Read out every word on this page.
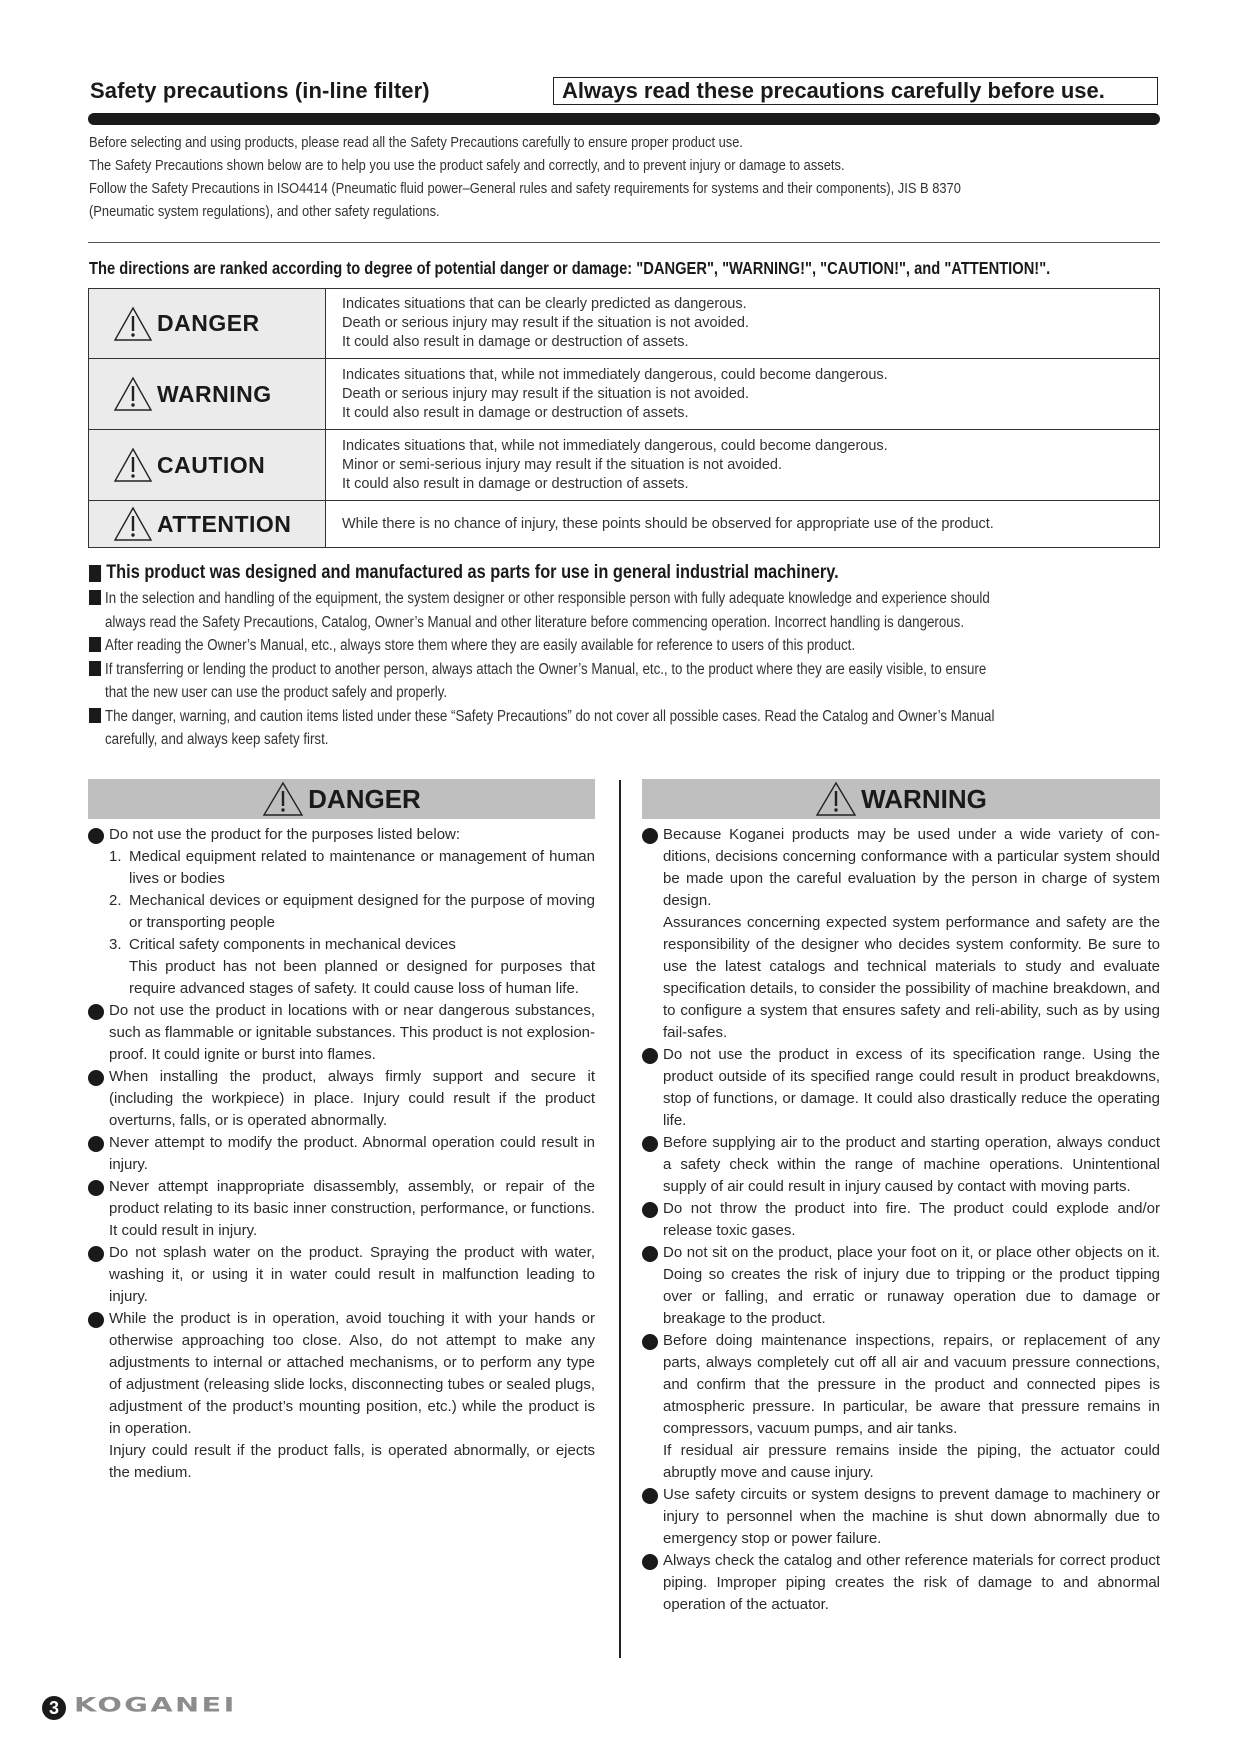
Safety precautions (in-line filter)	Always read these precautions carefully before use.
Before selecting and using products, please read all the Safety Precautions carefully to ensure proper product use.
The Safety Precautions shown below are to help you use the product safely and correctly, and to prevent injury or damage to assets.
Follow the Safety Precautions in ISO4414 (Pneumatic fluid power–General rules and safety requirements for systems and their components), JIS B 8370
(Pneumatic system regulations), and other safety regulations.
The directions are ranked according to degree of potential danger or damage: "DANGER", "WARNING!", "CAUTION!", and "ATTENTION!".
DANGER	Indicates situations that can be clearly predicted as dangerous.
Death or serious injury may result if the situation is not avoided.
It could also result in damage or destruction of assets.

WARNING	Indicates situations that, while not immediately dangerous, could become dangerous.
Death or serious injury may result if the situation is not avoided.
It could also result in damage or destruction of assets.

CAUTION	Indicates situations that, while not immediately dangerous, could become dangerous.
Minor or semi-serious injury may result if the situation is not avoided.
It could also result in damage or destruction of assets.

ATTENTION	While there is no chance of injury, these points should be observed for appropriate use of the product.
This product was designed and manufactured as parts for use in general industrial machinery.
In the selection and handling of the equipment, the system designer or other responsible person with fully adequate knowledge and experience should
always read the Safety Precautions, Catalog, Owner’s Manual and other literature before commencing operation. Incorrect handling is dangerous.
After reading the Owner’s Manual, etc., always store them where they are easily available for reference to users of this product.
If transferring or lending the product to another person, always attach the Owner’s Manual, etc., to the product where they are easily visible, to ensure
that the new user can use the product safely and properly.
The danger, warning, and caution items listed under these “Safety Precautions” do not cover all possible cases. Read the Catalog and Owner’s Manual
carefully, and always keep safety first.
DANGER
Do not use the product for the purposes listed below:
1. Medical equipment related to maintenance or management of human lives or bodies
2. Mechanical devices or equipment designed for the purpose of moving or transporting people
3. Critical safety components in mechanical devices
This product has not been planned or designed for purposes that require advanced stages of safety. It could cause loss of human life.
Do not use the product in locations with or near dangerous substances, such as flammable or ignitable substances. This product is not explosion-proof. It could ignite or burst into flames.
When installing the product, always firmly support and secure it (including the workpiece) in place. Injury could result if the product overturns, falls, or is operated abnormally.
Never attempt to modify the product. Abnormal operation could result in injury.
Never attempt inappropriate disassembly, assembly, or repair of the product relating to its basic inner construction, performance, or functions. It could result in injury.
Do not splash water on the product. Spraying the product with water, washing it, or using it in water could result in malfunction leading to injury.
While the product is in operation, avoid touching it with your hands or otherwise approaching too close. Also, do not attempt to make any adjustments to internal or attached mechanisms, or to perform any type of adjustment (releasing slide locks, disconnecting tubes or sealed plugs, adjustment of the product’s mounting position, etc.) while the product is in operation.
Injury could result if the product falls, is operated abnormally, or ejects the medium.
WARNING
Because Koganei products may be used under a wide variety of con-ditions, decisions concerning conformance with a particular system should be made upon the careful evaluation by the person in charge of system design.
Assurances concerning expected system performance and safety are the responsibility of the designer who decides system conformity. Be sure to use the latest catalogs and technical materials to study and evaluate specification details, to consider the possibility of machine breakdown, and to configure a system that ensures safety and reli-ability, such as by using fail-safes.
Do not use the product in excess of its specification range. Using the product outside of its specified range could result in product breakdowns, stop of functions, or damage. It could also drastically reduce the operating life.
Before supplying air to the product and starting operation, always conduct a safety check within the range of machine operations. Unintentional supply of air could result in injury caused by contact with moving parts.
Do not throw the product into fire. The product could explode and/or release toxic gases.
Do not sit on the product, place your foot on it, or place other objects on it. Doing so creates the risk of injury due to tripping or the product tipping over or falling, and erratic or runaway operation due to damage or breakage to the product.
Before doing maintenance inspections, repairs, or replacement of any parts, always completely cut off all air and vacuum pressure connections, and confirm that the pressure in the product and connected pipes is atmospheric pressure. In particular, be aware that pressure remains in compressors, vacuum pumps, and air tanks.
If residual air pressure remains inside the piping, the actuator could abruptly move and cause injury.
Use safety circuits or system designs to prevent damage to machinery or injury to personnel when the machine is shut down abnormally due to emergency stop or power failure.
Always check the catalog and other reference materials for correct product piping. Improper piping creates the risk of damage to and abnormal operation of the actuator.
3 KOGANEI
